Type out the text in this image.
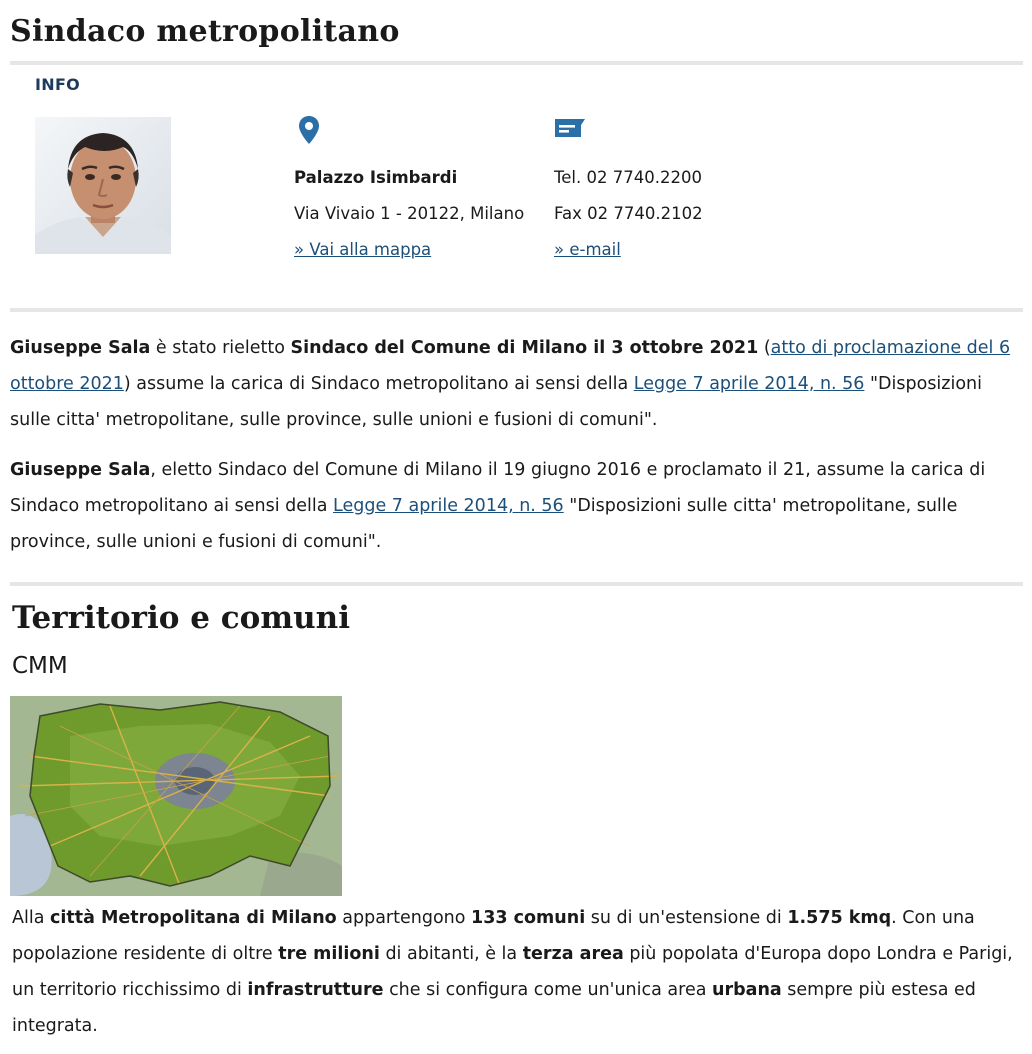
Sindaco metropolitano
INFO
Palazzo Isimbardi
Via Vivaio 1 - 20122, Milano
» Vai alla mappa
Tel. 02 7740.2200
Fax 02 7740.2102
» e-mail

Giuseppe Sala è stato rieletto Sindaco del Comune di Milano il 3 ottobre 2021 (atto di proclamazione del 6 ottobre 2021) assume la carica di Sindaco metropolitano ai sensi della Legge 7 aprile 2014, n. 56 "Disposizioni sulle citta' metropolitane, sulle province, sulle unioni e fusioni di comuni".

Giuseppe Sala, eletto Sindaco del Comune di Milano il 19 giugno 2016 e proclamato il 21, assume la carica di Sindaco metropolitano ai sensi della Legge 7 aprile 2014, n. 56 "Disposizioni sulle citta' metropolitane, sulle province, sulle unioni e fusioni di comuni".

Territorio e comuni
CMM

Alla città Metropolitana di Milano appartengono 133 comuni su di un'estensione di 1.575 kmq. Con una popolazione residente di oltre tre milioni di abitanti, è la terza area più popolata d'Europa dopo Londra e Parigi, un territorio ricchissimo di infrastrutture che si configura come un'unica area urbana sempre più estesa ed integrata.
